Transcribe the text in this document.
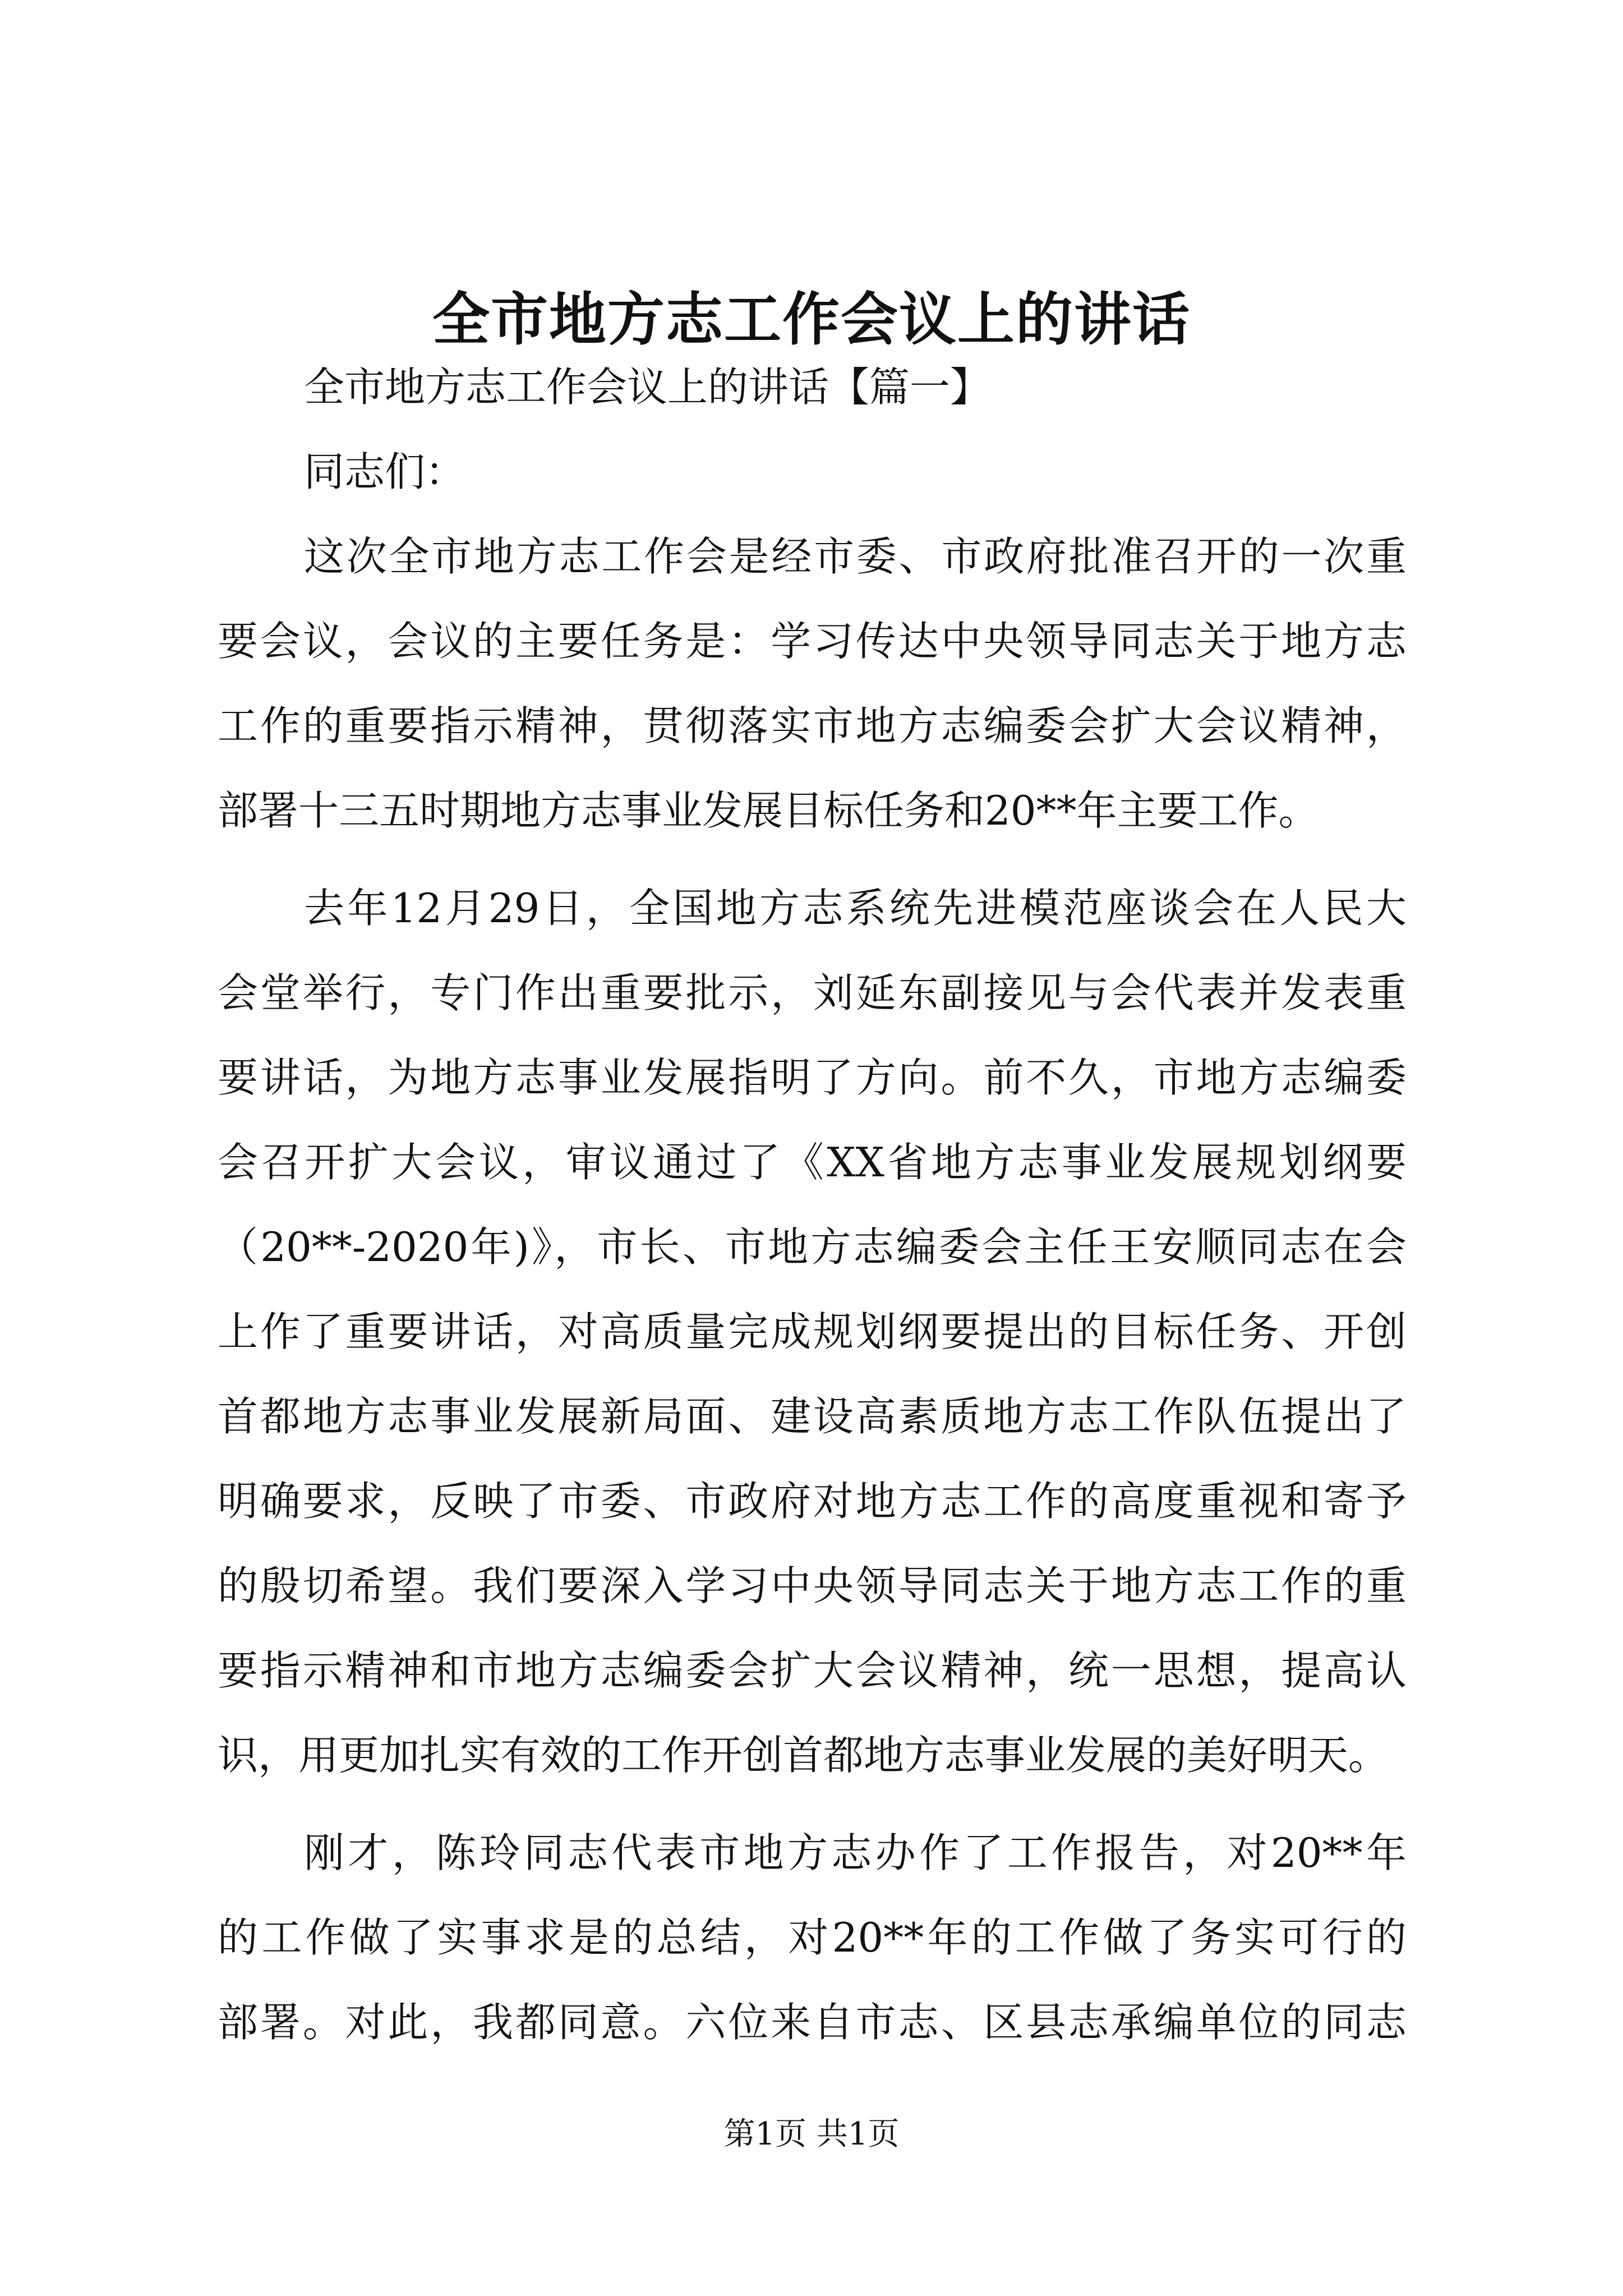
全市地方志工作会议上的讲话
全市地方志工作会议上的讲话【篇一】
同志们：
这次全市地方志工作会是经市委、市政府批准召开的一次重
要会议，会议的主要任务是：学习传达中央领导同志关于地方志
工作的重要指示精神，贯彻落实市地方志编委会扩大会议精神，
部署十三五时期地方志事业发展目标任务和20**年主要工作。
去年12月29日，全国地方志系统先进模范座谈会在人民大
会堂举行，专门作出重要批示，刘延东副接见与会代表并发表重
要讲话，为地方志事业发展指明了方向。前不久，市地方志编委
会召开扩大会议，审议通过了《XX省地方志事业发展规划纲要
（20**-2020年)》，市长、市地方志编委会主任王安顺同志在会
上作了重要讲话，对高质量完成规划纲要提出的目标任务、开创
首都地方志事业发展新局面、建设高素质地方志工作队伍提出了
明确要求，反映了市委、市政府对地方志工作的高度重视和寄予
的殷切希望。我们要深入学习中央领导同志关于地方志工作的重
要指示精神和市地方志编委会扩大会议精神，统一思想，提高认
识，用更加扎实有效的工作开创首都地方志事业发展的美好明天。
刚才，陈玲同志代表市地方志办作了工作报告，对20**年
的工作做了实事求是的总结，对20**年的工作做了务实可行的
部署。对此，我都同意。六位来自市志、区县志承编单位的同志
第1页 共1页
